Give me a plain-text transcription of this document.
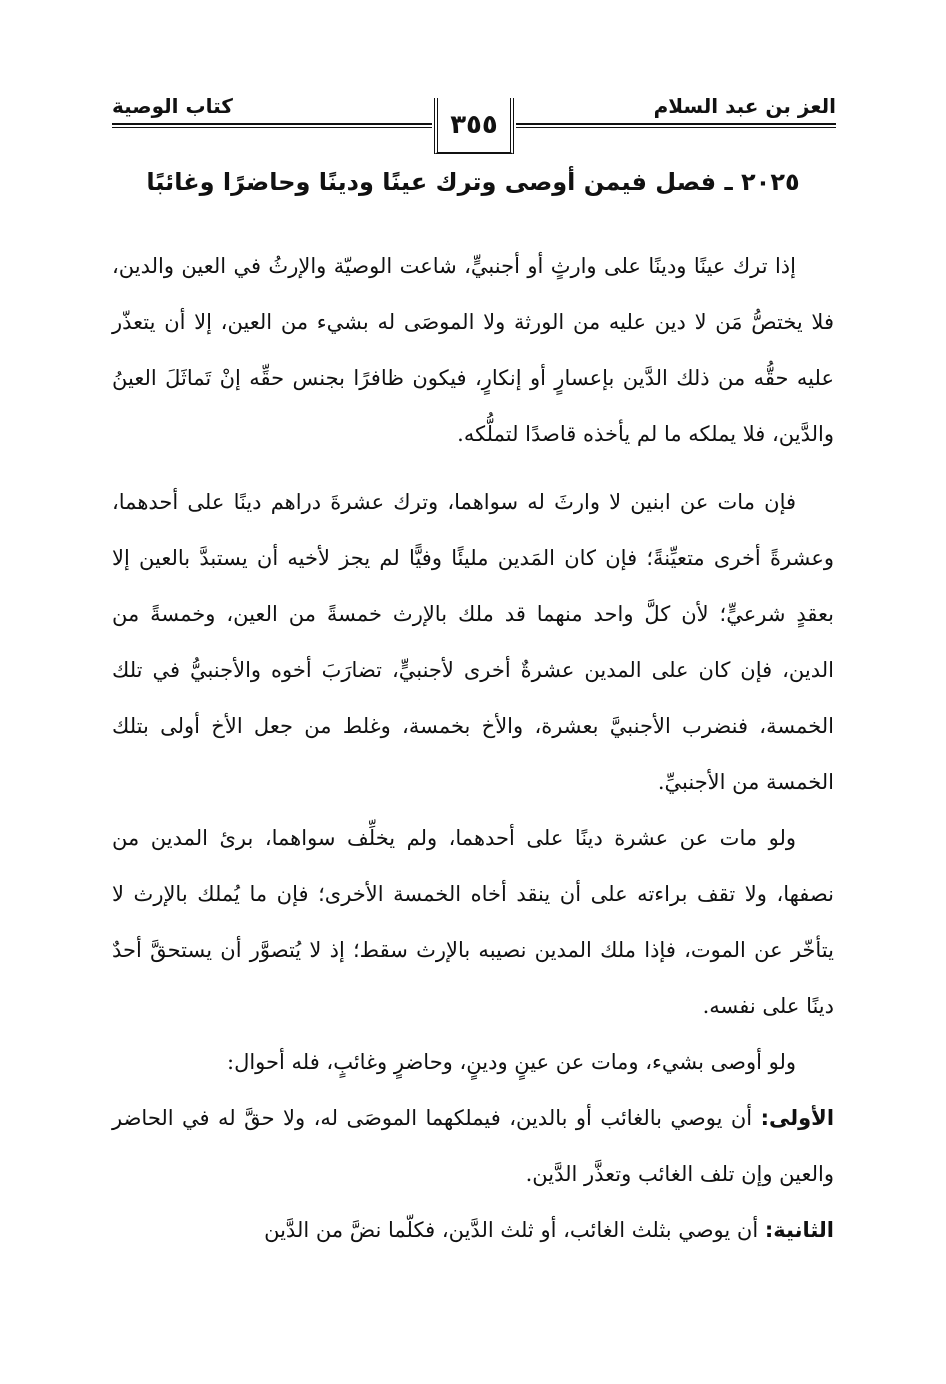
العز بن عبد السلام
كتاب الوصية
٣٥٥
٢٠٢٥ ـ فصل فيمن أوصى وترك عينًا ودينًا وحاضرًا وغائبًا

إذا ترك عينًا ودينًا على وارثٍ أو أجنبيٍّ، شاعت الوصيّة والإرثُ في العين والدين، فلا يختصُّ مَن لا دين عليه من الورثة ولا الموصَى له بشيء من العين، إلا أن يتعذّر عليه حقُّه من ذلك الدَّين بإعسارٍ أو إنكارٍ، فيكون ظافرًا بجنس حقِّه إنْ تَماثَلَ العينُ والدَّين، فلا يملكه ما لم يأخذه قاصدًا لتملُّكه.

فإن مات عن ابنين لا وارثَ له سواهما، وترك عشرةَ دراهم دينًا على أحدهما، وعشرةً أخرى متعيِّنةً؛ فإن كان المَدين مليئًا وفيًّا لم يجز لأخيه أن يستبدَّ بالعين إلا بعقدٍ شرعيٍّ؛ لأن كلَّ واحد منهما قد ملك بالإرث خمسةً من العين، وخمسةً من الدين، فإن كان على المدين عشرةٌ أخرى لأجنبيٍّ، تضارَبَ أخوه والأجنبيُّ في تلك الخمسة، فنضرب الأجنبيَّ بعشرة، والأخ بخمسة، وغلط من جعل الأخ أولى بتلك الخمسة من الأجنبيِّ.

ولو مات عن عشرة دينًا على أحدهما، ولم يخلِّف سواهما، برئ المدين من نصفها، ولا تقف براءته على أن ينقد أخاه الخمسة الأخرى؛ فإن ما يُملك بالإرث لا يتأخّر عن الموت، فإذا ملك المدين نصيبه بالإرث سقط؛ إذ لا يُتصوَّر أن يستحقَّ أحدٌ دينًا على نفسه.

ولو أوصى بشيء، ومات عن عينٍ ودينٍ، وحاضرٍ وغائبٍ، فله أحوال:

الأولى: أن يوصي بالغائب أو بالدين، فيملكهما الموصَى له، ولا حقَّ له في الحاضر والعين وإن تلف الغائب وتعذَّر الدَّين.

الثانية: أن يوصي بثلث الغائب، أو ثلث الدَّين، فكلّما نضَّ من الدَّين
